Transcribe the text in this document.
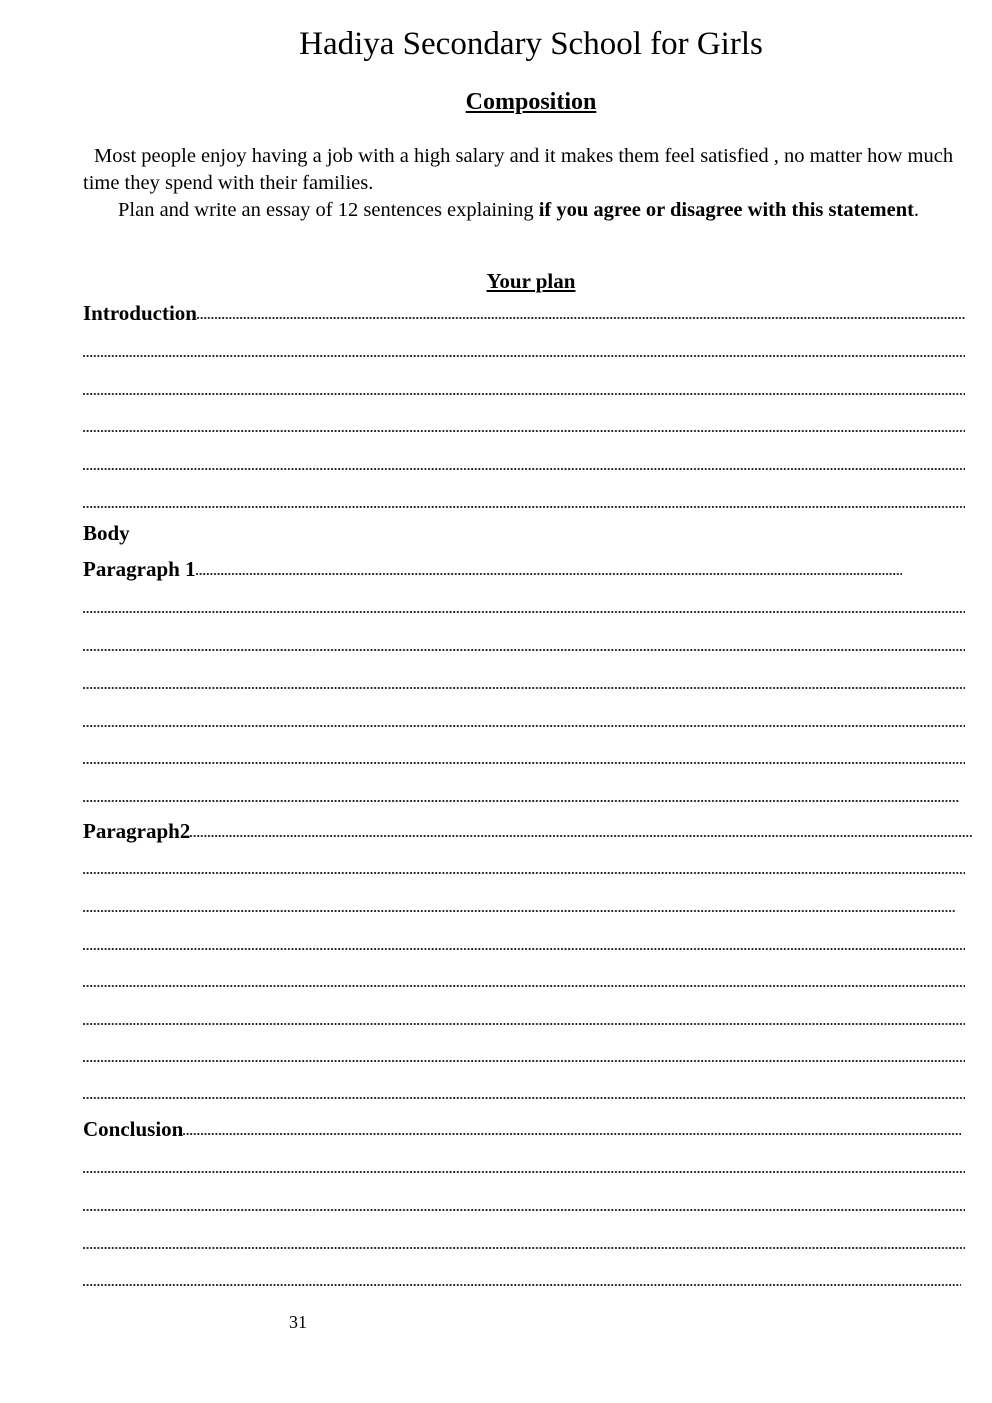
Hadiya Secondary School for Girls
Composition
Most people enjoy having a job with a high salary and it makes them feel satisfied , no matter how much time they spend with their families.
Plan and write an essay of 12 sentences explaining if you agree or disagree with this statement.
Your plan
Introduction
Body
Paragraph 1
Paragraph2
Conclusion
31
